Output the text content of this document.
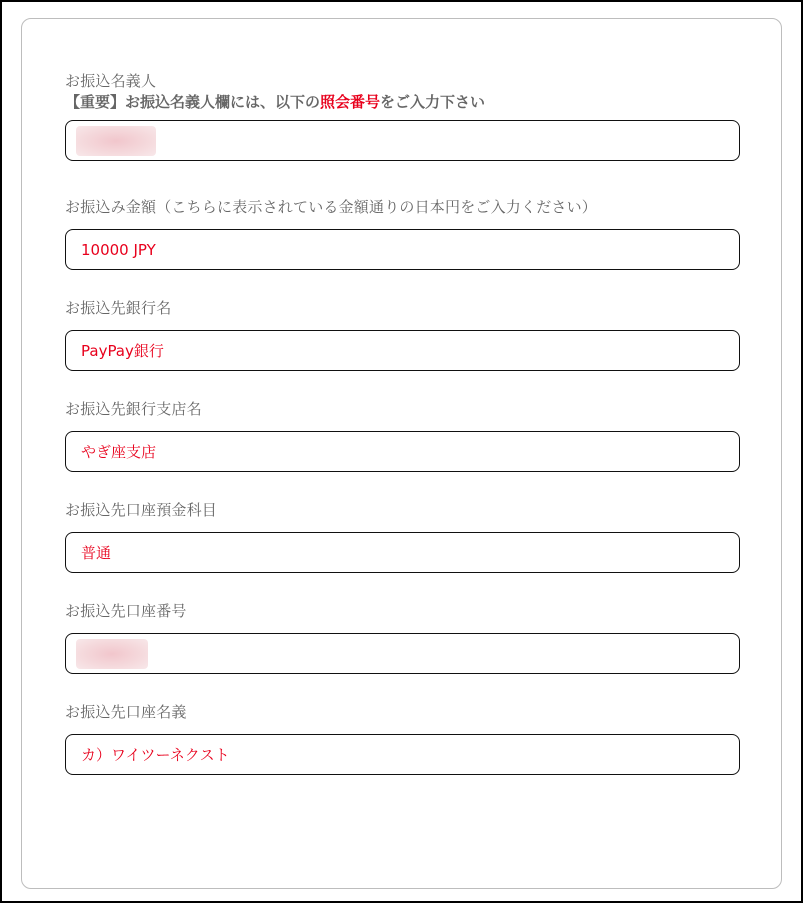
お振込名義人
【重要】お振込名義人欄には、以下の照会番号をご入力下さい
お振込み金額（こちらに表示されている金額通りの日本円をご入力ください）
10000 JPY
お振込先銀行名
PayPay銀行
お振込先銀行支店名
やぎ座支店
お振込先口座預金科目
普通
お振込先口座番号
お振込先口座名義
カ）ワイツーネクスト
